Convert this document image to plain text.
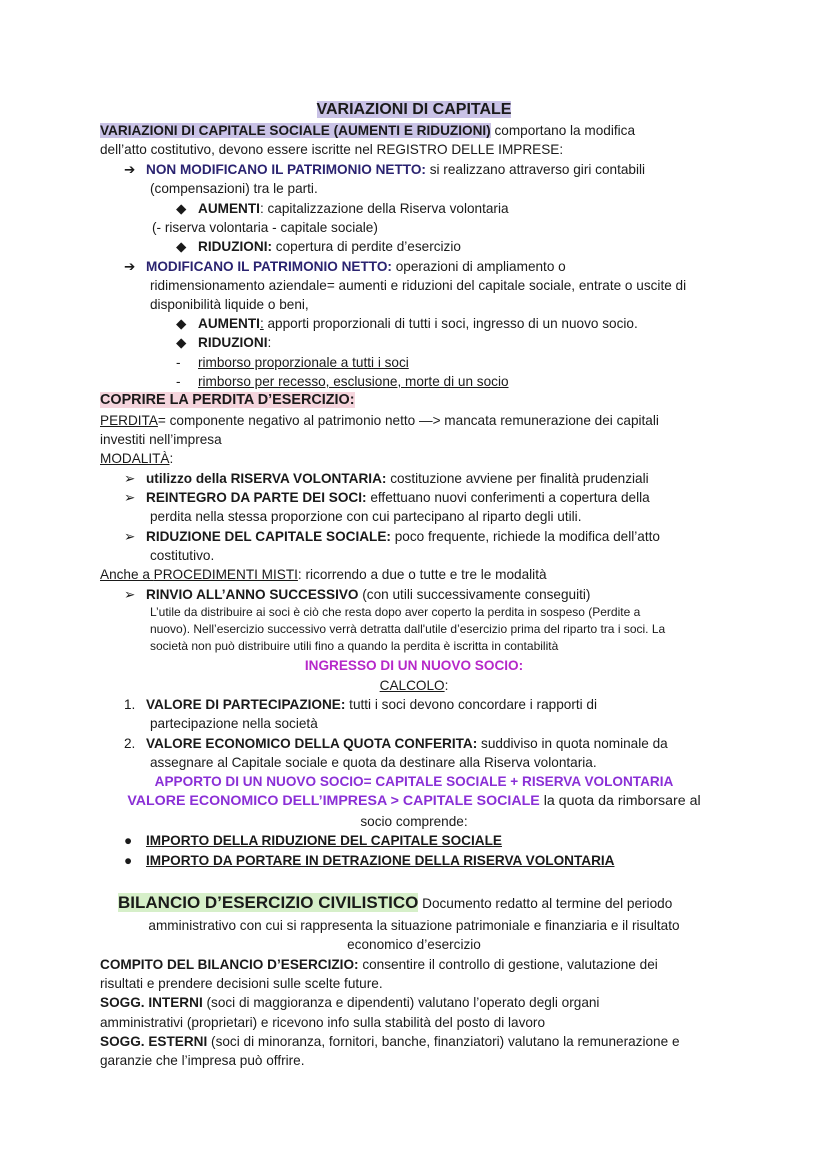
VARIAZIONI DI CAPITALE
VARIAZIONI DI CAPITALE SOCIALE (AUMENTI E RIDUZIONI) comportano la modifica
dell’atto costitutivo, devono essere iscritte nel REGISTRO DELLE IMPRESE:
➔ NON MODIFICANO IL PATRIMONIO NETTO: si realizzano attraverso giri contabili
(compensazioni) tra le parti.
◆ AUMENTI: capitalizzazione della Riserva volontaria
(- riserva volontaria - capitale sociale)
◆ RIDUZIONI: copertura di perdite d’esercizio
➔ MODIFICANO IL PATRIMONIO NETTO: operazioni di ampliamento o
ridimensionamento aziendale= aumenti e riduzioni del capitale sociale, entrate o uscite di
disponibilità liquide o beni,
◆ AUMENTI: apporti proporzionali di tutti i soci, ingresso di un nuovo socio.
◆ RIDUZIONI:
- rimborso proporzionale a tutti i soci
- rimborso per recesso, esclusione, morte di un socio
COPRIRE LA PERDITA D’ESERCIZIO:
PERDITA= componente negativo al patrimonio netto —> mancata remunerazione dei capitali
investiti nell’impresa
MODALITÀ:
➢ utilizzo della RISERVA VOLONTARIA: costituzione avviene per finalità prudenziali
➢ REINTEGRO DA PARTE DEI SOCI: effettuano nuovi conferimenti a copertura della
perdita nella stessa proporzione con cui partecipano al riparto degli utili.
➢ RIDUZIONE DEL CAPITALE SOCIALE: poco frequente, richiede la modifica dell’atto
costitutivo.
Anche a PROCEDIMENTI MISTI: ricorrendo a due o tutte e tre le modalità
➢ RINVIO ALL’ANNO SUCCESSIVO (con utili successivamente conseguiti)
L’utile da distribuire ai soci è ciò che resta dopo aver coperto la perdita in sospeso (Perdite a
nuovo). Nell’esercizio successivo verrà detratta dall'utile d’esercizio prima del riparto tra i soci. La
società non può distribuire utili fino a quando la perdita è iscritta in contabilità
INGRESSO DI UN NUOVO SOCIO:
CALCOLO:
1. VALORE DI PARTECIPAZIONE: tutti i soci devono concordare i rapporti di
partecipazione nella società
2. VALORE ECONOMICO DELLA QUOTA CONFERITA: suddiviso in quota nominale da
assegnare al Capitale sociale e quota da destinare alla Riserva volontaria.
APPORTO DI UN NUOVO SOCIO= CAPITALE SOCIALE + RISERVA VOLONTARIA
VALORE ECONOMICO DELL’IMPRESA > CAPITALE SOCIALE la quota da rimborsare al
socio comprende:
● IMPORTO DELLA RIDUZIONE DEL CAPITALE SOCIALE
● IMPORTO DA PORTARE IN DETRAZIONE DELLA RISERVA VOLONTARIA
BILANCIO D’ESERCIZIO CIVILISTICO Documento redatto al termine del periodo
amministrativo con cui si rappresenta la situazione patrimoniale e finanziaria e il risultato
economico d’esercizio
COMPITO DEL BILANCIO D’ESERCIZIO: consentire il controllo di gestione, valutazione dei
risultati e prendere decisioni sulle scelte future.
SOGG. INTERNI (soci di maggioranza e dipendenti) valutano l’operato degli organi
amministrativi (proprietari) e ricevono info sulla stabilità del posto di lavoro
SOGG. ESTERNI (soci di minoranza, fornitori, banche, finanziatori) valutano la remunerazione e
garanzie che l’impresa può offrire.
